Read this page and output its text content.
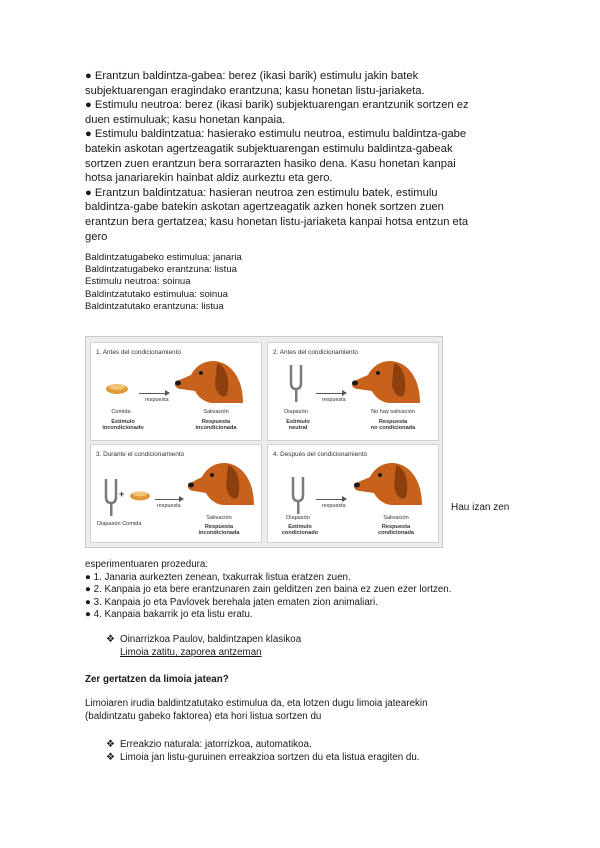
● Erantzun baldintza-gabea: berez (ikasi barik) estimulu jakin batek
subjektuarengan eragindako erantzuna; kasu honetan listu-jariaketa.
● Estimulu neutroa: berez (ikasi barik) subjektuarengan erantzunik sortzen ez
duen estimuluak; kasu honetan kanpaia.
● Estimulu baldintzatua: hasierako estimulu neutroa, estimulu baldintza-gabe
batekin askotan agertzeagatik subjektuarengan estimulu baldintza-gabeak
sortzen zuen erantzun bera sorrarazten hasiko dena. Kasu honetan kanpai
hotsa janariarekin hainbat aldiz aurkeztu eta gero.
● Erantzun baldintzatua: hasieran neutroa zen estimulu batek, estimulu
baldintza-gabe batekin askotan agertzeagatik azken honek sortzen zuen
erantzun bera gertatzea; kasu honetan listu-jariaketa kanpai hotsa entzun eta
gero
Baldintzatugabeko estimulua: janaria
Baldintzatugabeko erantzuna: listua
Estimulu neutroa: soinua
Baldintzatutako estimulua: soinua
Baldintzatutako erantzuna: listua
1. Antes del condicionamiento
respuesta
Comida	Salivación
Estímulo
incondicionado
Respuesta
incondicionada
2. Antes del condicionamiento
respuesta
Diapasón	No hay salivación
Estímulo
neutral
Respuesta
no condicionada
3. Durante el condicionamiento
+
respuesta
Diapasón Comida
Salivación
Respuesta
incondicionada
4. Después del condicionamiento
respuesta
Diapasón	Salivación
Estímulo
condicionado
Respuesta
condicionada
Hau izan zen
esperimentuaren prozedura:
● 1. Janaria aurkezten zenean, txakurrak listua eratzen zuen.
● 2. Kanpaia jo eta bere erantzunaren zain gelditzen zen baina ez zuen ezer lortzen.
● 3. Kanpaia jo eta Pavlovek berehala jaten ematen zion animaliari.
● 4. Kanpaia bakarrik jo eta listu eratu.
❖ Oinarrizkoa Paulov, baldintzapen klasikoa
Limoia zatitu, zaporea antzeman
Zer gertatzen da limoia jatean?
Limoiaren irudia baldintzatutako estimulua da, eta lotzen dugu limoia jatearekin
(baldintzatu gabeko faktorea) eta hori listua sortzen du
❖ Erreakzio naturala: jatorrizkoa, automatikoa.
❖ Limoia jan listu-guruinen erreakzioa sortzen du eta listua eragiten du.
